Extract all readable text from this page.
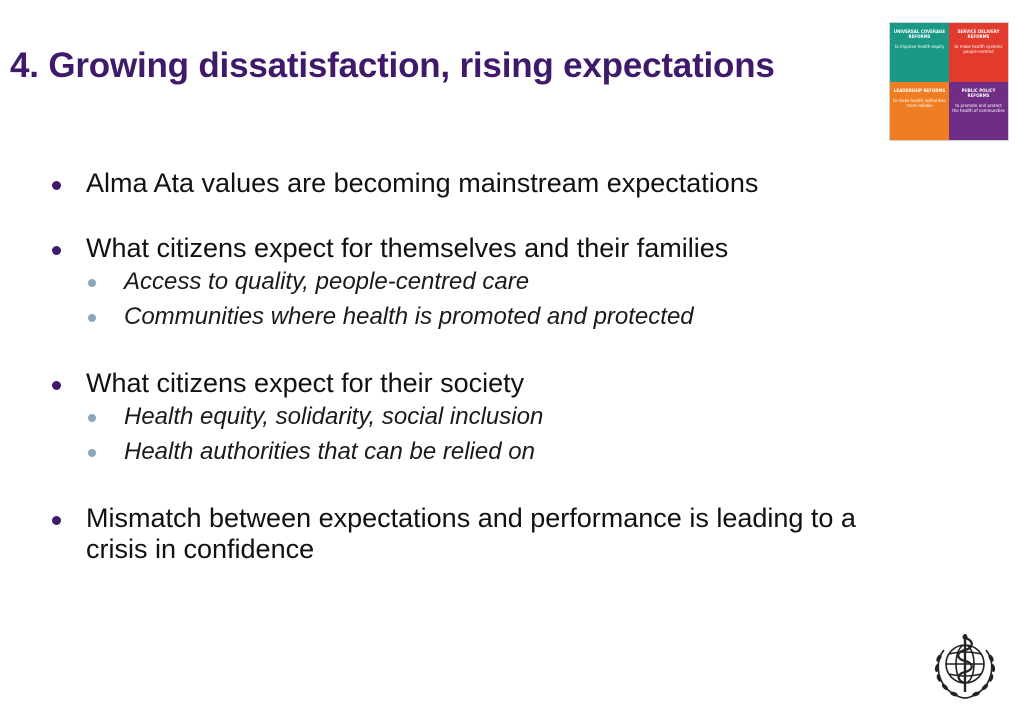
4. Growing dissatisfaction, rising expectations
UNIVERSAL COVERAGE REFORMS
to improve health equity
SERVICE DELIVERY REFORMS
to make health systems people-centred
LEADERSHIP REFORMS
to make health authorities more reliable
PUBLIC POLICY REFORMS
to promote and protect the health of communities
Alma Ata values are becoming mainstream expectations
What citizens expect for themselves and their families
Access to quality, people-centred care
Communities where health is promoted and protected
What citizens expect for their society
Health equity, solidarity, social inclusion
Health authorities that can be relied on
Mismatch between expectations and performance is leading to a crisis in confidence
